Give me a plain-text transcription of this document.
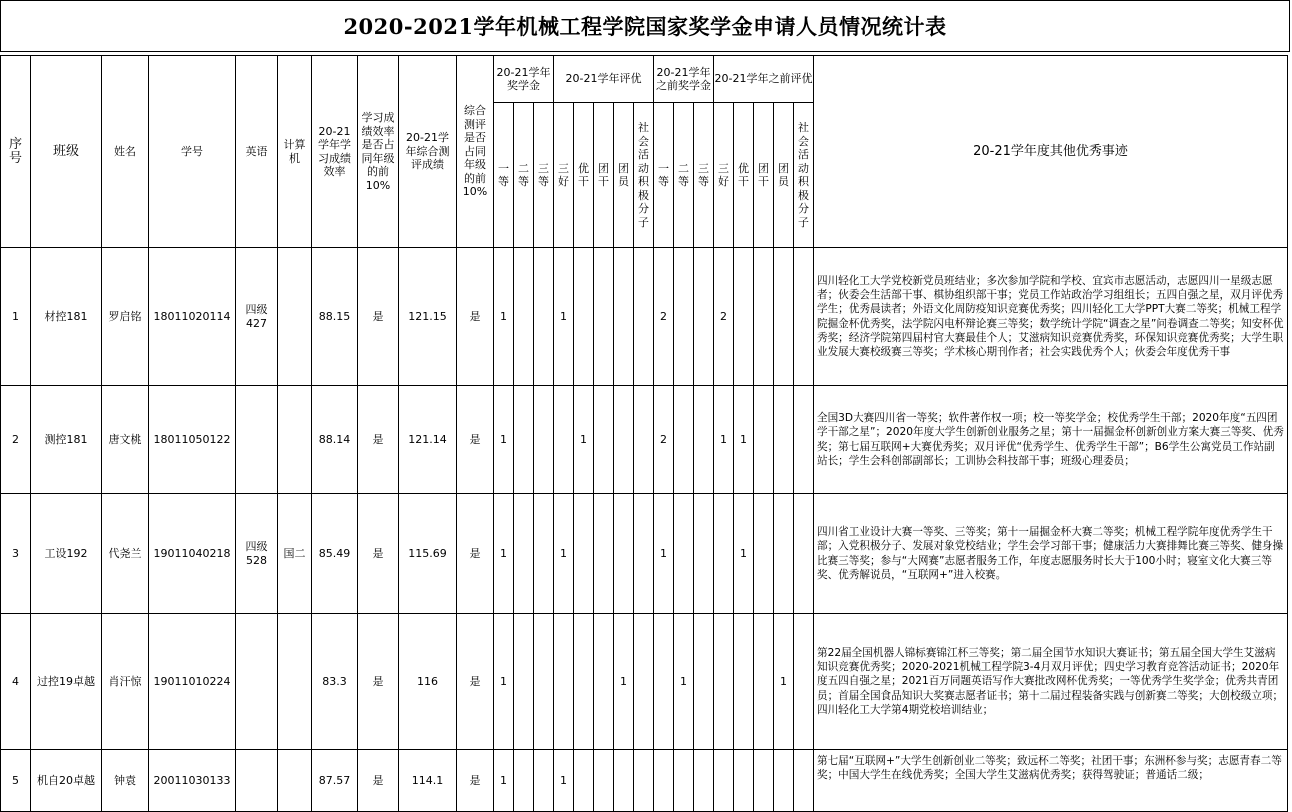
2020-2021学年机械工程学院国家奖学金申请人员情况统计表
序号	班级	姓名	学号	英语	计算机	20-21学年学习成绩效率	学习成绩效率是否占同年级的前10%	20-21学年综合测评成绩	综合测评是否占同年级的前10%	20-21学年奖学金			20-21学年评优					20-21学年之前奖学金			20-21学年之前评优					20-21学年度其他优秀事迹
										一等	二等	三等	三好	优干	团干	团员	社会活动积极分子	一等	二等	三等	三好	优干	团干	团员	社会活动积极分子	
1	材控181	罗启铭	18011020114	四级427		88.15	是	121.15	是	1			1					2			2					四川轻化工大学党校新党员班结业；多次参加学院和学校、宜宾市志愿活动，志愿四川一星级志愿者；伙委会生活部干事、棋协组织部干事；党员工作站政治学习组组长；五四自强之星，双月评优秀学生；优秀晨读者；外语文化周防疫知识竞赛优秀奖；四川轻化工大学PPT大赛二等奖；机械工程学院掘金杯优秀奖，法学院闪电杯辩论赛三等奖；数学统计学院“调查之星”问卷调查二等奖；知安杯优秀奖；经济学院第四届村官大赛最佳个人；艾滋病知识竞赛优秀奖，环保知识竞赛优秀奖；大学生职业发展大赛校级赛三等奖；学术核心期刊作者；社会实践优秀个人；伙委会年度优秀干事
2	测控181	唐文桃	18011050122			88.14	是	121.14	是	1				1				2			1	1				全国3D大赛四川省一等奖；软件著作权一项；校一等奖学金；校优秀学生干部；2020年度“五四团学干部之星”；2020年度大学生创新创业服务之星；第十一届掘金杯创新创业方案大赛三等奖、优秀奖；第七届互联网+大赛优秀奖；双月评优“优秀学生、优秀学生干部”；B6学生公寓党员工作站副站长；学生会科创部副部长；工训协会科技部干事；班级心理委员；
3	工设192	代尧兰	19011040218	四级528	国二	85.49	是	115.69	是	1			1					1				1				四川省工业设计大赛一等奖、三等奖；第十一届掘金杯大赛二等奖；机械工程学院年度优秀学生干部；入党积极分子、发展对象党校结业；学生会学习部干事；健康活力大赛排舞比赛三等奖、健身操比赛三等奖；参与“大网赛”志愿者服务工作，年度志愿服务时长大于100小时；寝室文化大赛三等奖、优秀解说员，“互联网+”进入校赛。
4	过控19卓越	肖汗惊	19011010224			83.3	是	116	是	1						1			1					1		第22届全国机器人锦标赛锦江杯三等奖；第二届全国节水知识大赛证书；第五届全国大学生艾滋病知识竞赛优秀奖；2020-2021机械工程学院3-4月双月评优；四史学习教育竞答活动证书；2020年度五四自强之星；2021百万同题英语写作大赛批改网杯优秀奖；一等优秀学生奖学金；优秀共青团员；首届全国食品知识大奖赛志愿者证书；第十二届过程装备实践与创新赛二等奖；大创校级立项；四川轻化工大学第4期党校培训结业；
5	机自20卓越	钟袁	20011030133			87.57	是	114.1	是	1			1													第七届“互联网+”大学生创新创业二等奖；致远杯二等奖；社团干事；东洲杯参与奖；志愿青春二等奖；中国大学生在线优秀奖；全国大学生艾滋病优秀奖；获得驾驶证；普通话二级；
